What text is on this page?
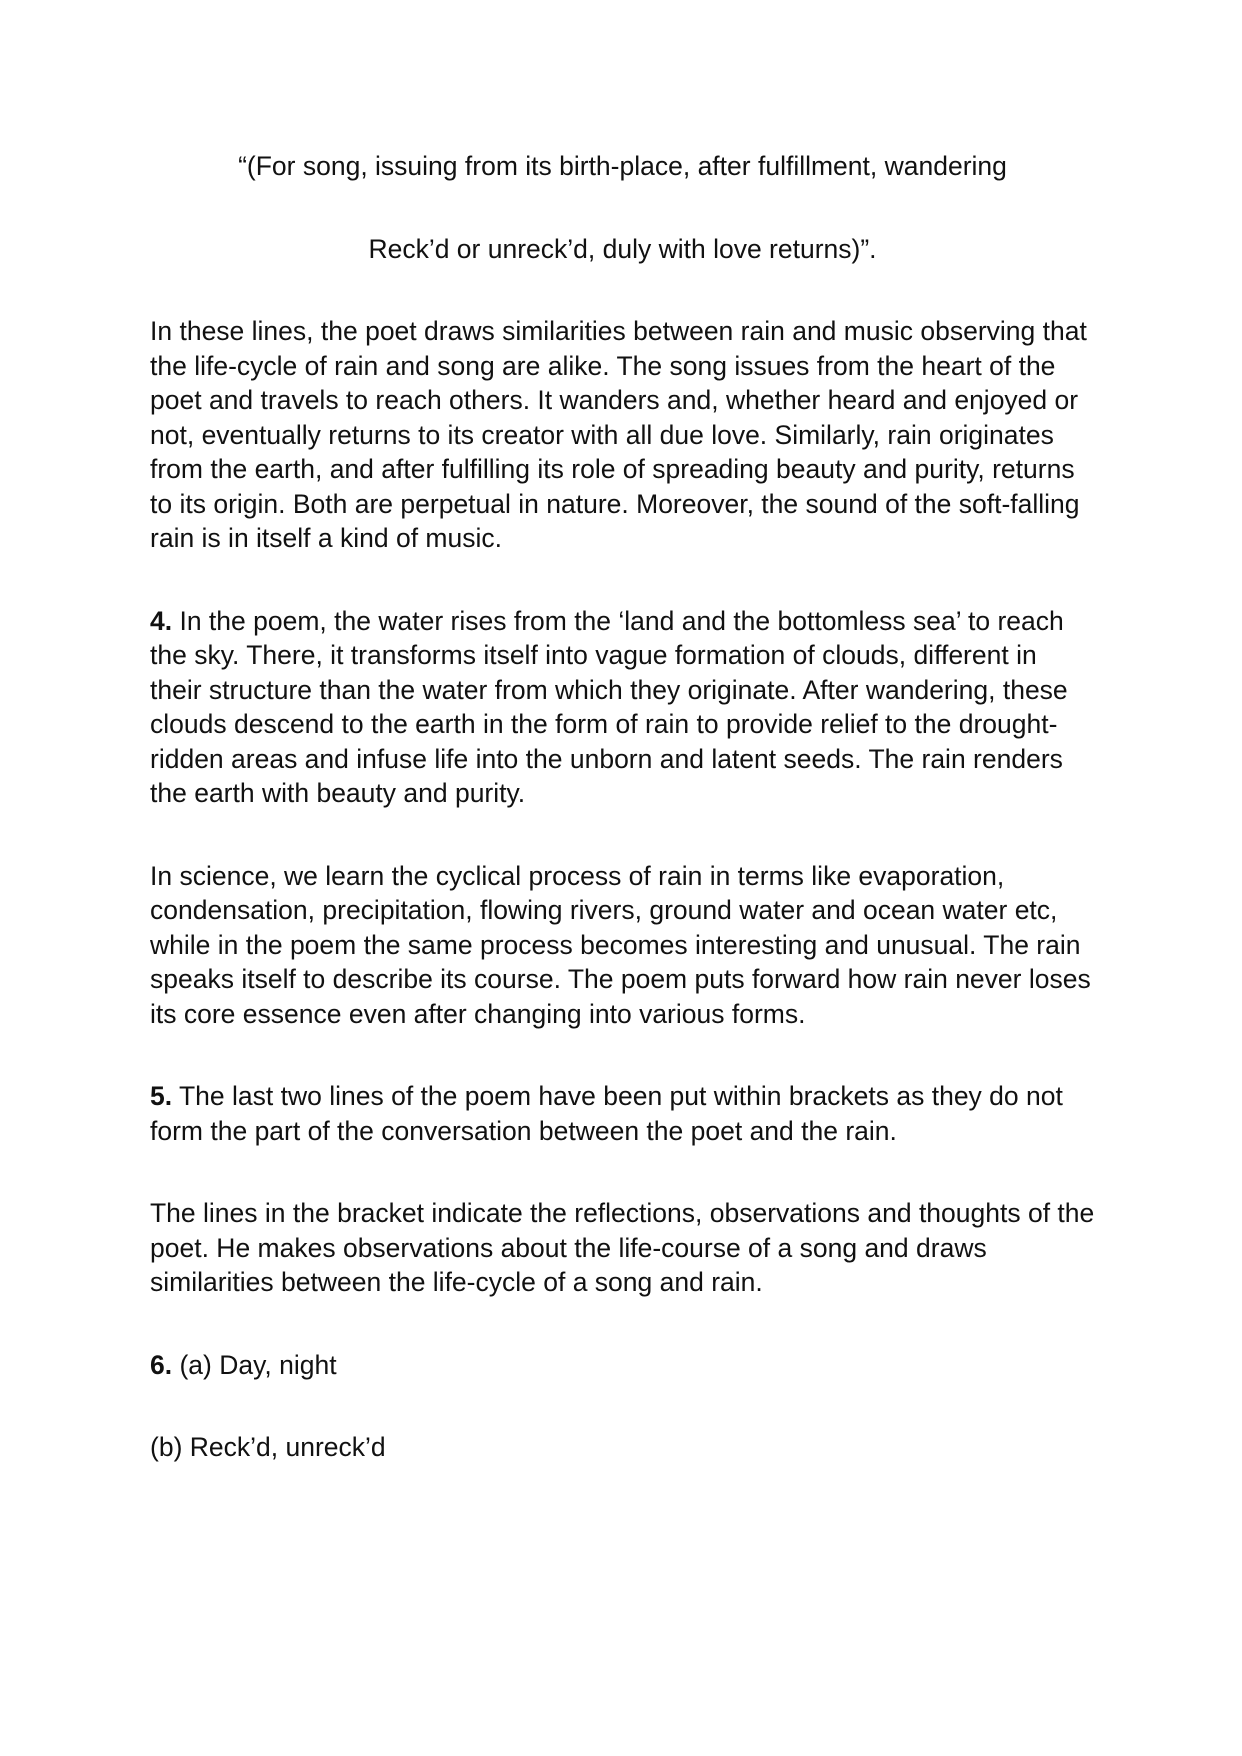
“(For song, issuing from its birth-place, after fulfillment, wandering

Reck’d or unreck’d, duly with love returns)”.

In these lines, the poet draws similarities between rain and music observing that the life-cycle of rain and song are alike. The song issues from the heart of the poet and travels to reach others. It wanders and, whether heard and enjoyed or not, eventually returns to its creator with all due love. Similarly, rain originates from the earth, and after fulfilling its role of spreading beauty and purity, returns to its origin. Both are perpetual in nature. Moreover, the sound of the soft-falling rain is in itself a kind of music.

4. In the poem, the water rises from the ‘land and the bottomless sea’ to reach the sky. There, it transforms itself into vague formation of clouds, different in their structure than the water from which they originate. After wandering, these clouds descend to the earth in the form of rain to provide relief to the drought-ridden areas and infuse life into the unborn and latent seeds. The rain renders the earth with beauty and purity.

In science, we learn the cyclical process of rain in terms like evaporation, condensation, precipitation, flowing rivers, ground water and ocean water etc, while in the poem the same process becomes interesting and unusual. The rain speaks itself to describe its course. The poem puts forward how rain never loses its core essence even after changing into various forms.

5. The last two lines of the poem have been put within brackets as they do not form the part of the conversation between the poet and the rain.

The lines in the bracket indicate the reflections, observations and thoughts of the poet. He makes observations about the life-course of a song and draws similarities between the life-cycle of a song and rain.

6. (a) Day, night

(b) Reck’d, unreck’d
